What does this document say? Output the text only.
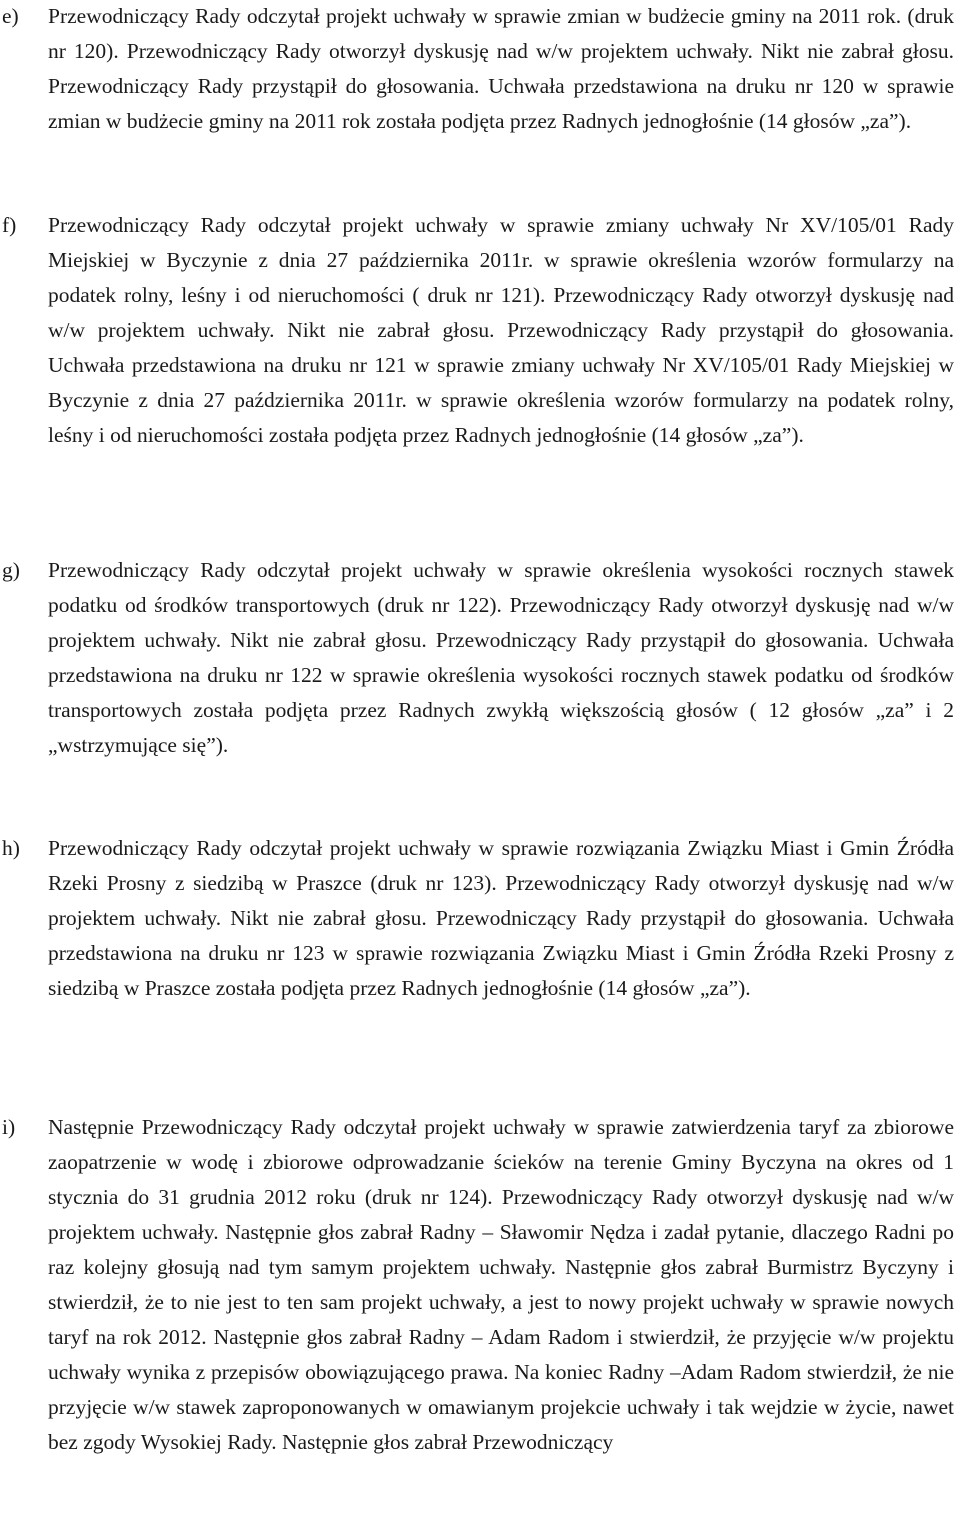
e)	Przewodniczący Rady odczytał projekt uchwały w sprawie zmian w budżecie gminy na 2011 rok. (druk nr 120). Przewodniczący Rady otworzył dyskusję nad w/w projektem uchwały. Nikt nie zabrał głosu. Przewodniczący Rady przystąpił do głosowania. Uchwała przedstawiona na druku nr 120 w sprawie zmian w budżecie gminy na 2011 rok została podjęta przez Radnych jednogłośnie (14 głosów „za”).
f)	Przewodniczący Rady odczytał projekt uchwały w sprawie zmiany uchwały Nr XV/105/01 Rady Miejskiej w Byczynie z dnia 27 października 2011r. w sprawie określenia wzorów formularzy na podatek rolny, leśny i od nieruchomości ( druk nr 121). Przewodniczący Rady otworzył dyskusję nad w/w projektem uchwały. Nikt nie zabrał głosu. Przewodniczący Rady przystąpił do głosowania. Uchwała przedstawiona na druku nr 121 w sprawie zmiany uchwały Nr XV/105/01 Rady Miejskiej w Byczynie z dnia 27 października 2011r. w sprawie określenia wzorów formularzy na podatek rolny, leśny i od nieruchomości została podjęta przez Radnych jednogłośnie (14 głosów „za”).
g)	Przewodniczący Rady odczytał projekt uchwały w sprawie określenia wysokości rocznych stawek podatku od środków transportowych (druk nr 122). Przewodniczący Rady otworzył dyskusję nad w/w projektem uchwały. Nikt nie zabrał głosu. Przewodniczący Rady przystąpił do głosowania. Uchwała przedstawiona na druku nr 122 w sprawie określenia wysokości rocznych stawek podatku od środków transportowych została podjęta przez Radnych zwykłą większością głosów ( 12 głosów „za” i 2 „wstrzymujące się”).
h)	Przewodniczący Rady odczytał projekt uchwały w sprawie rozwiązania Związku Miast i Gmin Źródła Rzeki Prosny z siedzibą w Praszce (druk nr 123). Przewodniczący Rady otworzył dyskusję nad w/w projektem uchwały. Nikt nie zabrał głosu. Przewodniczący Rady przystąpił do głosowania. Uchwała przedstawiona na druku nr 123 w sprawie rozwiązania Związku Miast i Gmin Źródła Rzeki Prosny z siedzibą w Praszce została podjęta przez Radnych jednogłośnie (14 głosów „za”).
i)	Następnie Przewodniczący Rady odczytał projekt uchwały w sprawie zatwierdzenia taryf za zbiorowe zaopatrzenie w wodę i zbiorowe odprowadzanie ścieków na terenie Gminy Byczyna na okres od 1 stycznia do 31 grudnia 2012 roku (druk nr 124). Przewodniczący Rady otworzył dyskusję nad w/w projektem uchwały. Następnie głos zabrał Radny – Sławomir Nędza i zadał pytanie, dlaczego Radni po raz kolejny głosują nad tym samym projektem uchwały. Następnie głos zabrał Burmistrz Byczyny i stwierdził, że to nie jest to ten sam projekt uchwały, a jest to nowy projekt uchwały w sprawie nowych taryf na rok 2012. Następnie głos zabrał Radny – Adam Radom i stwierdził, że przyjęcie w/w projektu uchwały wynika z przepisów obowiązującego prawa. Na koniec Radny –Adam Radom stwierdził, że nie przyjęcie w/w stawek zaproponowanych w omawianym projekcie uchwały i tak wejdzie w życie, nawet bez zgody Wysokiej Rady. Następnie głos zabrał Przewodniczący
